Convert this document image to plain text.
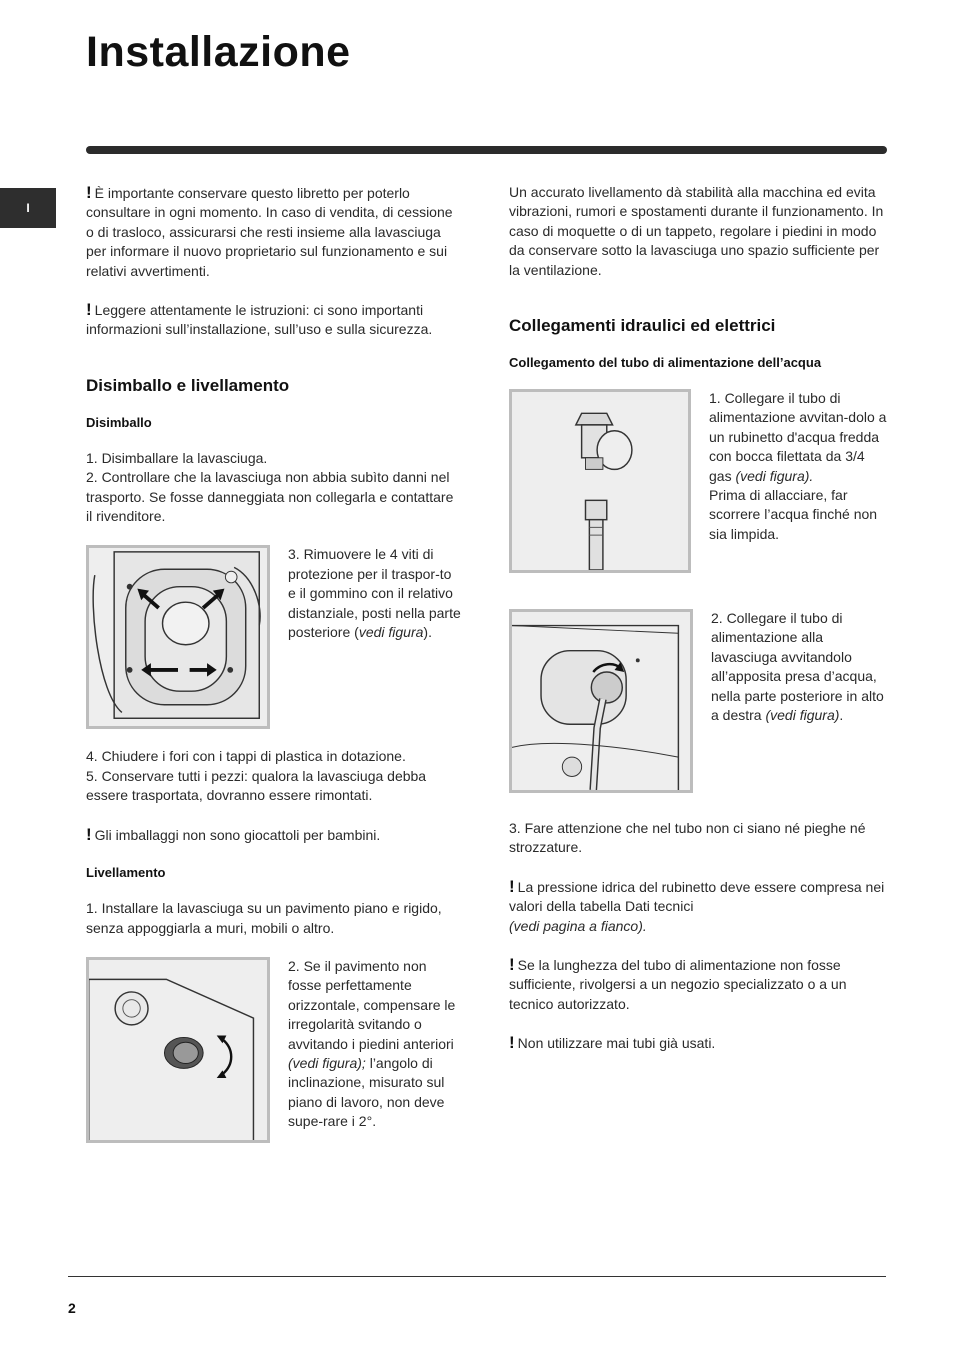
Installazione
I

! È importante conservare questo libretto per poterlo consultare in ogni momento. In caso di vendita, di cessione o di trasloco, assicurarsi che resti insieme alla lavasciuga per informare il nuovo proprietario sul funzionamento e sui relativi avvertimenti.

! Leggere attentamente le istruzioni: ci sono importanti informazioni sull’installazione, sull’uso e sulla sicurezza.

Disimballo e livellamento
Disimballo

1. Disimballare la lavasciuga.

2. Controllare che la lavasciuga non abbia subìto danni nel trasporto. Se fosse danneggiata non collegarla e contattare il rivenditore.

3. Rimuovere le 4 viti di protezione per il traspor-to e il gommino con il relativo distanziale, posti nella parte posteriore (vedi figura).

4. Chiudere i fori con i tappi di plastica in dotazione.

5. Conservare tutti i pezzi: qualora la lavasciuga debba essere trasportata, dovranno essere rimontati.

! Gli imballaggi non sono giocattoli per bambini.

Livellamento

1. Installare la lavasciuga su un pavimento piano e rigido, senza appoggiarla a muri, mobili o altro.

2. Se il pavimento non fosse perfettamente orizzontale, compensare le irregolarità svitando o avvitando i piedini anteriori (vedi figura); l’angolo di inclinazione, misurato sul piano di lavoro, non deve supe-rare i 2°.

Un accurato livellamento dà stabilità alla macchina ed evita vibrazioni, rumori e spostamenti durante il funzionamento. In caso di moquette o di un tappeto, regolare i piedini in modo da conservare sotto la lavasciuga uno spazio sufficiente per la ventilazione.

Collegamenti idraulici ed elettrici
Collegamento del tubo di alimentazione dell’acqua

1. Collegare il tubo di alimentazione avvitan-dolo a un rubinetto d'acqua fredda con bocca filettata da 3/4 gas (vedi figura).
Prima di allacciare, far scorrere l’acqua finché non sia limpida.

2. Collegare il tubo di alimentazione alla lavasciuga avvitandolo all’apposita presa d’acqua, nella parte posteriore in alto a destra (vedi figura).

3. Fare attenzione che nel tubo non ci siano né pieghe né strozzature.

! La pressione idrica del rubinetto deve essere compresa nei valori della tabella Dati tecnici
(vedi pagina a fianco).

! Se la lunghezza del tubo di alimentazione non fosse sufficiente, rivolgersi a un negozio specializzato o a un tecnico autorizzato.

! Non utilizzare mai tubi già usati.

2
